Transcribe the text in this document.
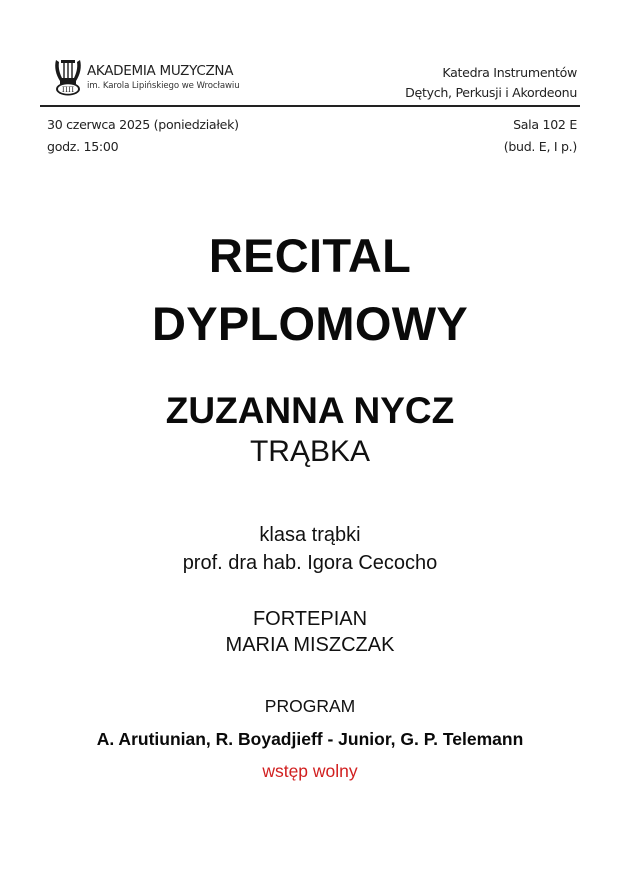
ΠΠ
AKADEMIA MUZYCZNA
im. Karola Lipińskiego we Wrocławiu
Katedra Instrumentów
Dętych, Perkusji i Akordeonu
30 czerwca 2025 (poniedziałek)
godz. 15:00
Sala 102 E
(bud. E, I p.)
RECITAL
DYPLOMOWY
ZUZANNA NYCZ
TRĄBKA
klasa trąbki
prof. dra hab. Igora Cecocho
FORTEPIAN
MARIA MISZCZAK
PROGRAM
A. Arutiunian, R. Boyadjieff - Junior, G. P. Telemann
wstęp wolny
